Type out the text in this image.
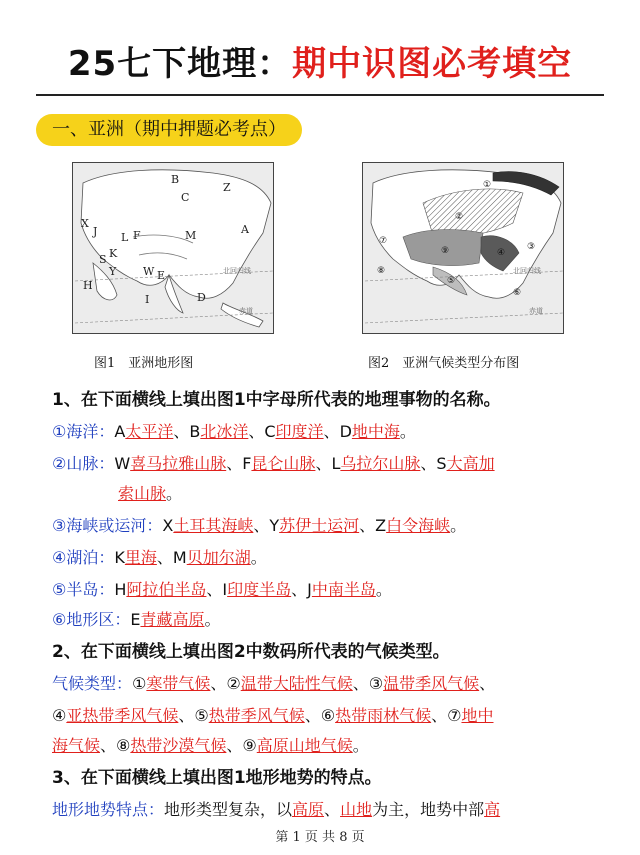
25七下地理：期中识图必考填空
一、亚洲（期中押题必考点）
B
C
A
X
J
Z
L F	M
K
S
Y W E
H
I	D
北回归线
赤道
①
②
③
④
⑤
⑥
⑦
⑧
⑨
北回归线
赤道
图1　亚洲地形图	图2　亚洲气候类型分布图
1、在下面横线上填出图1中字母所代表的地理事物的名称。
①海洋：A太平洋、B北冰洋、C印度洋、D地中海。
②山脉：W喜马拉雅山脉、F昆仑山脉、L乌拉尔山脉、S大高加
索山脉。
③海峡或运河：X土耳其海峡、Y苏伊士运河、Z白令海峡。
④湖泊：K里海、M贝加尔湖。
⑤半岛：H阿拉伯半岛、I印度半岛、J中南半岛。
⑥地形区：E青藏高原。
2、在下面横线上填出图2中数码所代表的气候类型。
气候类型：①寒带气候、②温带大陆性气候、③温带季风气候、
④亚热带季风气候、⑤热带季风气候、⑥热带雨林气候、⑦地中
海气候、⑧热带沙漠气候、⑨高原山地气候。
3、在下面横线上填出图1地形地势的特点。
地形地势特点：地形类型复杂，以高原、山地为主，地势中部高
第 1 页 共 8 页
